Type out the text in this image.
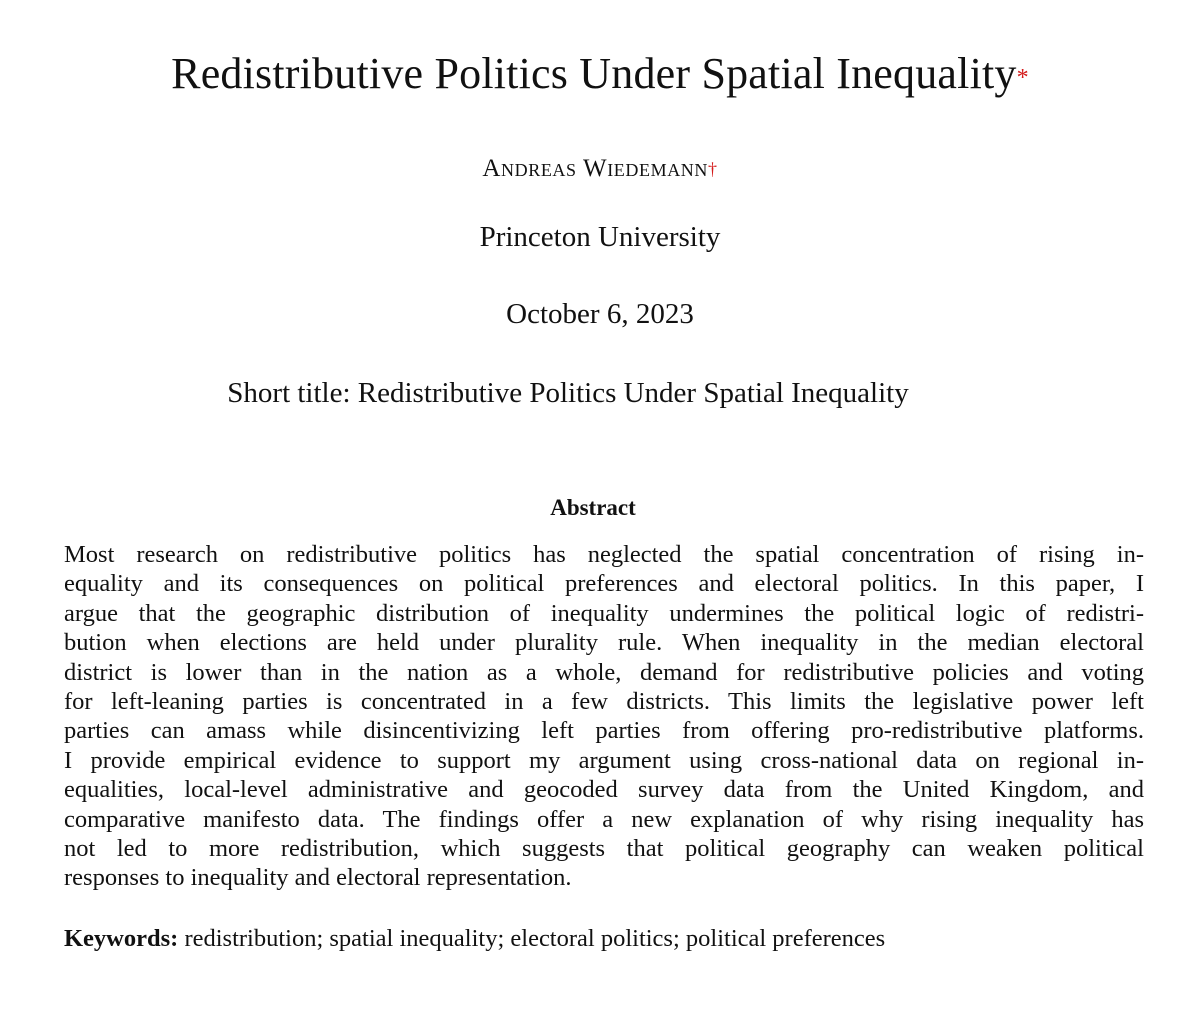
Redistributive Politics Under Spatial Inequality*
Andreas Wiedemann†
Princeton University
October 6, 2023
Short title: Redistributive Politics Under Spatial Inequality
Abstract
Most research on redistributive politics has neglected the spatial concentration of rising in-
equality and its consequences on political preferences and electoral politics. In this paper, I
argue that the geographic distribution of inequality undermines the political logic of redistri-
bution when elections are held under plurality rule. When inequality in the median electoral
district is lower than in the nation as a whole, demand for redistributive policies and voting
for left-leaning parties is concentrated in a few districts. This limits the legislative power left
parties can amass while disincentivizing left parties from offering pro-redistributive platforms.
I provide empirical evidence to support my argument using cross-national data on regional in-
equalities, local-level administrative and geocoded survey data from the United Kingdom, and
comparative manifesto data. The findings offer a new explanation of why rising inequality has
not led to more redistribution, which suggests that political geography can weaken political
responses to inequality and electoral representation.
Keywords: redistribution; spatial inequality; electoral politics; political preferences
